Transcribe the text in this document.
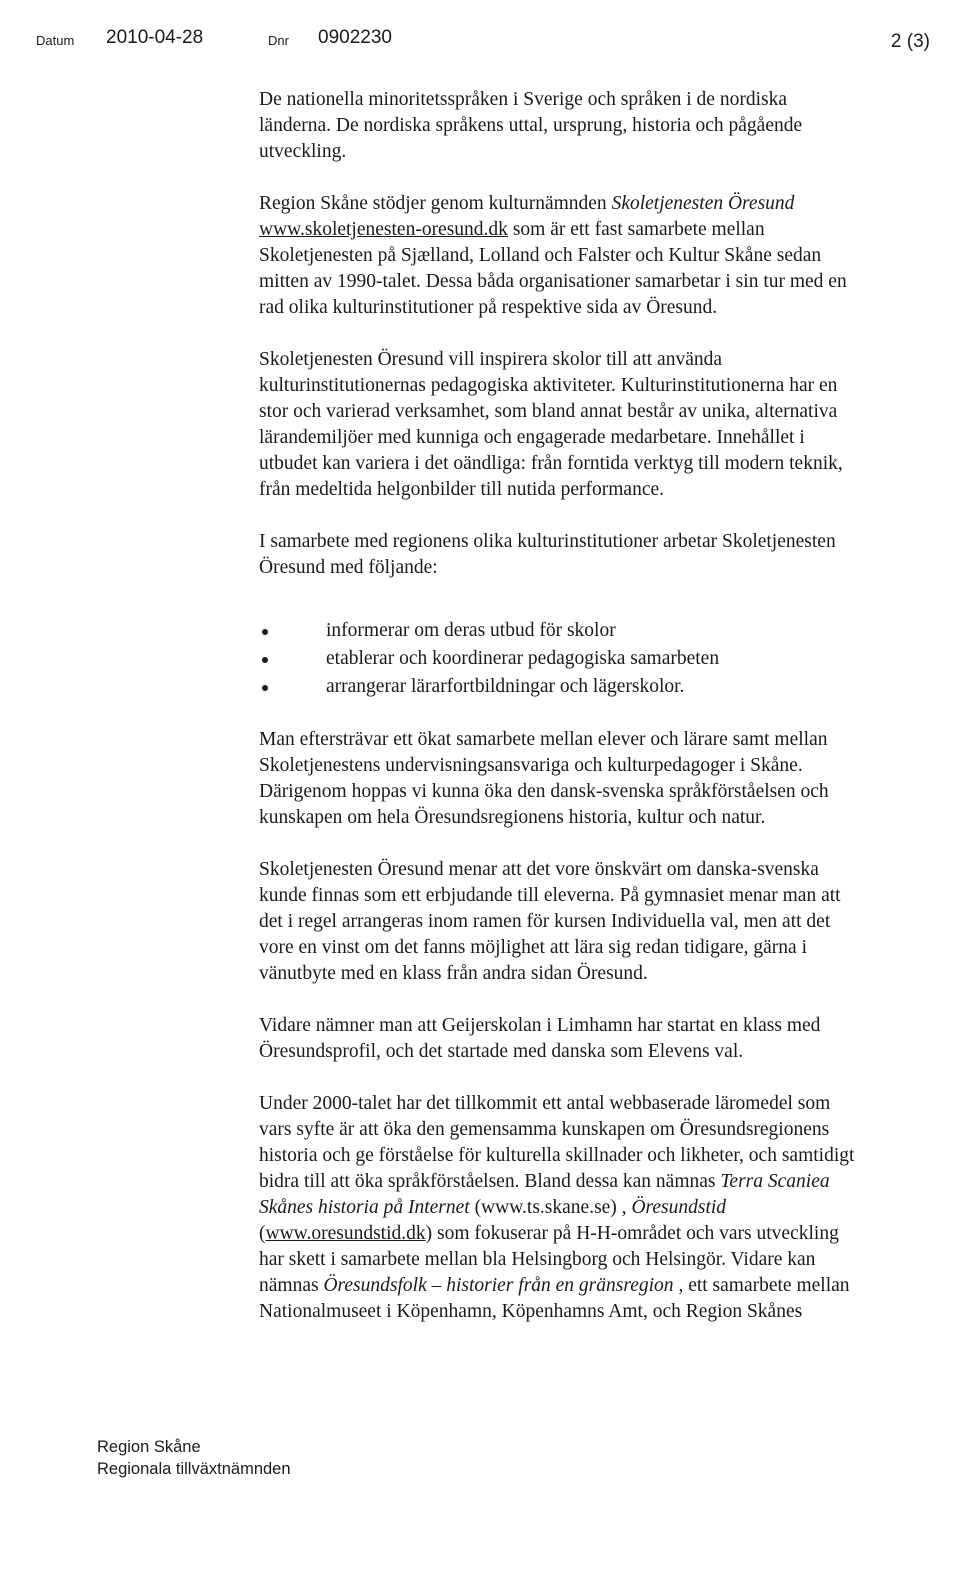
Datum 2010-04-28	Dnr 0902230	2 (3)

De nationella minoritetsspråken i Sverige och språken i de nordiska
länderna. De nordiska språkens uttal, ursprung, historia och pågående
utveckling.

Region Skåne stödjer genom kulturnämnden Skoletjenesten Öresund
www.skoletjenesten-oresund.dk som är ett fast samarbete mellan
Skoletjenesten på Sjælland, Lolland och Falster och Kultur Skåne sedan
mitten av 1990-talet. Dessa båda organisationer samarbetar i sin tur med en
rad olika kulturinstitutioner på respektive sida av Öresund.

Skoletjenesten Öresund vill inspirera skolor till att använda
kulturinstitutionernas pedagogiska aktiviteter. Kulturinstitutionerna har en
stor och varierad verksamhet, som bland annat består av unika, alternativa
lärandemiljöer med kunniga och engagerade medarbetare. Innehållet i
utbudet kan variera i det oändliga: från forntida verktyg till modern teknik,
från medeltida helgonbilder till nutida performance.

I samarbete med regionens olika kulturinstitutioner arbetar Skoletjenesten
Öresund med följande:

informerar om deras utbud för skolor
etablerar och koordinerar pedagogiska samarbeten
arrangerar lärarfortbildningar och lägerskolor.

Man eftersträvar ett ökat samarbete mellan elever och lärare samt mellan
Skoletjenestens undervisningsansvariga och kulturpedagoger i Skåne.
Därigenom hoppas vi kunna öka den dansk-svenska språkförståelsen och
kunskapen om hela Öresundsregionens historia, kultur och natur.

Skoletjenesten Öresund menar att det vore önskvärt om danska-svenska
kunde finnas som ett erbjudande till eleverna. På gymnasiet menar man att
det i regel arrangeras inom ramen för kursen Individuella val, men att det
vore en vinst om det fanns möjlighet att lära sig redan tidigare, gärna i
vänutbyte med en klass från andra sidan Öresund.

Vidare nämner man att Geijerskolan i Limhamn har startat en klass med
Öresundsprofil, och det startade med danska som Elevens val.

Under 2000-talet har det tillkommit ett antal webbaserade läromedel som
vars syfte är att öka den gemensamma kunskapen om Öresundsregionens
historia och ge förståelse för kulturella skillnader och likheter, och samtidigt
bidra till att öka språkförståelsen. Bland dessa kan nämnas Terra Scaniea
Skånes historia på Internet (www.ts.skane.se) , Öresundstid
(www.oresundstid.dk) som fokuserar på H-H-området och vars utveckling
har skett i samarbete mellan bla Helsingborg och Helsingör. Vidare kan
nämnas Öresundsfolk – historier från en gränsregion , ett samarbete mellan
Nationalmuseet i Köpenhamn, Köpenhamns Amt, och Region Skånes

Region Skåne
Regionala tillväxtnämnden
